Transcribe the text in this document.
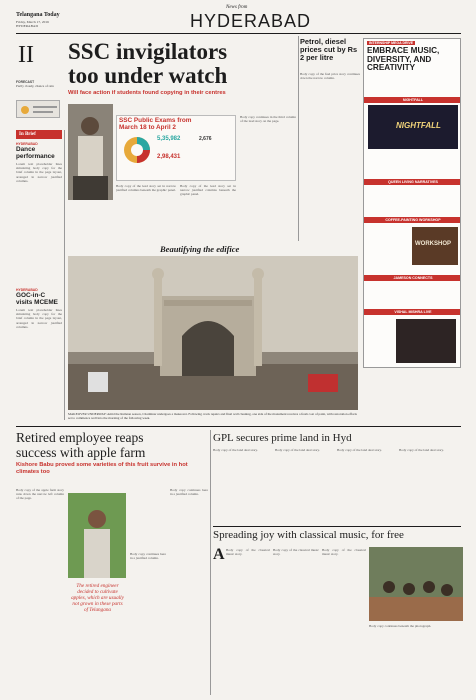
Telangana Today
Friday, March 17, 2016
HYDERABAD
News from
HYDERABAD
II
FORECAST
Partly cloudy, chance of rain
In Brief
HYDERABAD
Dance performance
Lorem text placeholder lines simulating body copy for the brief column in the page layout, arranged in narrow justified columns.
HYDERABAD
GOC-in-C visits MCEME
Lorem text placeholder lines simulating body copy for the brief column in the page layout, arranged in narrow justified columns.
SSC invigilators
too under watch
Will face action if students found copying in their centres
SSC Public Exams from
March 18 to April 2
5,35,982	2,676
2,98,431
Body copy of the lead story set in narrow justified columns beneath the graphic panel.
Body copy of the lead story set in narrow justified columns beneath the graphic panel.
Body copy continues in the third column of the lead story on the page.
Petrol, diesel prices cut by Rs 2 per litre
Body copy of the fuel price story continues down the narrow column.
INTERNSHIP MEGA DRIVE
EMBRACE MUSIC, DIVERSITY, AND CREATIVITY
NIGHTFALL
NIGHTFALL
QUEEN LIVING NARRATIVES
COFFEE-PAINTING WORKSHOP
WORKSHOP
JAMESON CONNECTS
VISHAL MISHRA LIVE
Beautifying the edifice
MAKEOVER UNDERWAY: Amid the Ramzan season, Charminar undergoes a makeover. Following crack repairs and final wall cleaning, one side of the monument receives a fresh coat of paint, with restoration efforts set to commence well into the morning of the following week.
Retired employee reaps
success with apple farm
Kishore Babu proved some varieties of this fruit survive in hot climates too
Body copy of the apple farm story runs down the narrow left column of the page.
The retired engineer decided to cultivate apples, which are usually not grown in these parts of Telangana
Body copy continues here in a justified column.
Body copy continues here in a justified column.
GPL secures prime land in Hyd
Body copy of the land deal story.	Body copy of the land deal story.	Body copy of the land deal story.	Body copy of the land deal story.
Spreading joy with classical music, for free
A Body copy of the classical music story.
Body copy of the classical music story.
Body copy of the classical music story.
Body copy continues beneath the photograph.
